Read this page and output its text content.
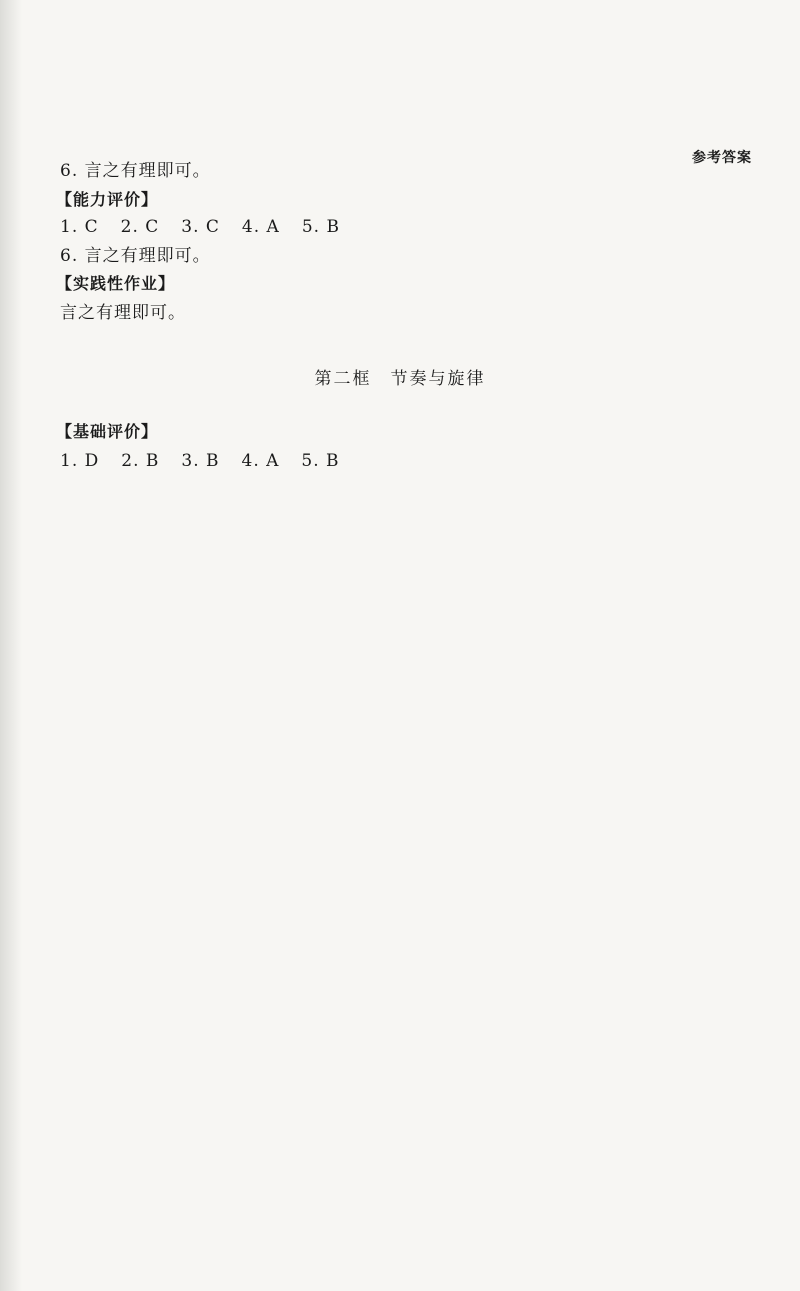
参考答案
6. 言之有理即可。
【能力评价】
1. C 2. C 3. C 4. A 5. B
6. 言之有理即可。
【实践性作业】
言之有理即可。
第二框　节奏与旋律
【基础评价】
1. D 2. B 3. B 4. A 5. B
